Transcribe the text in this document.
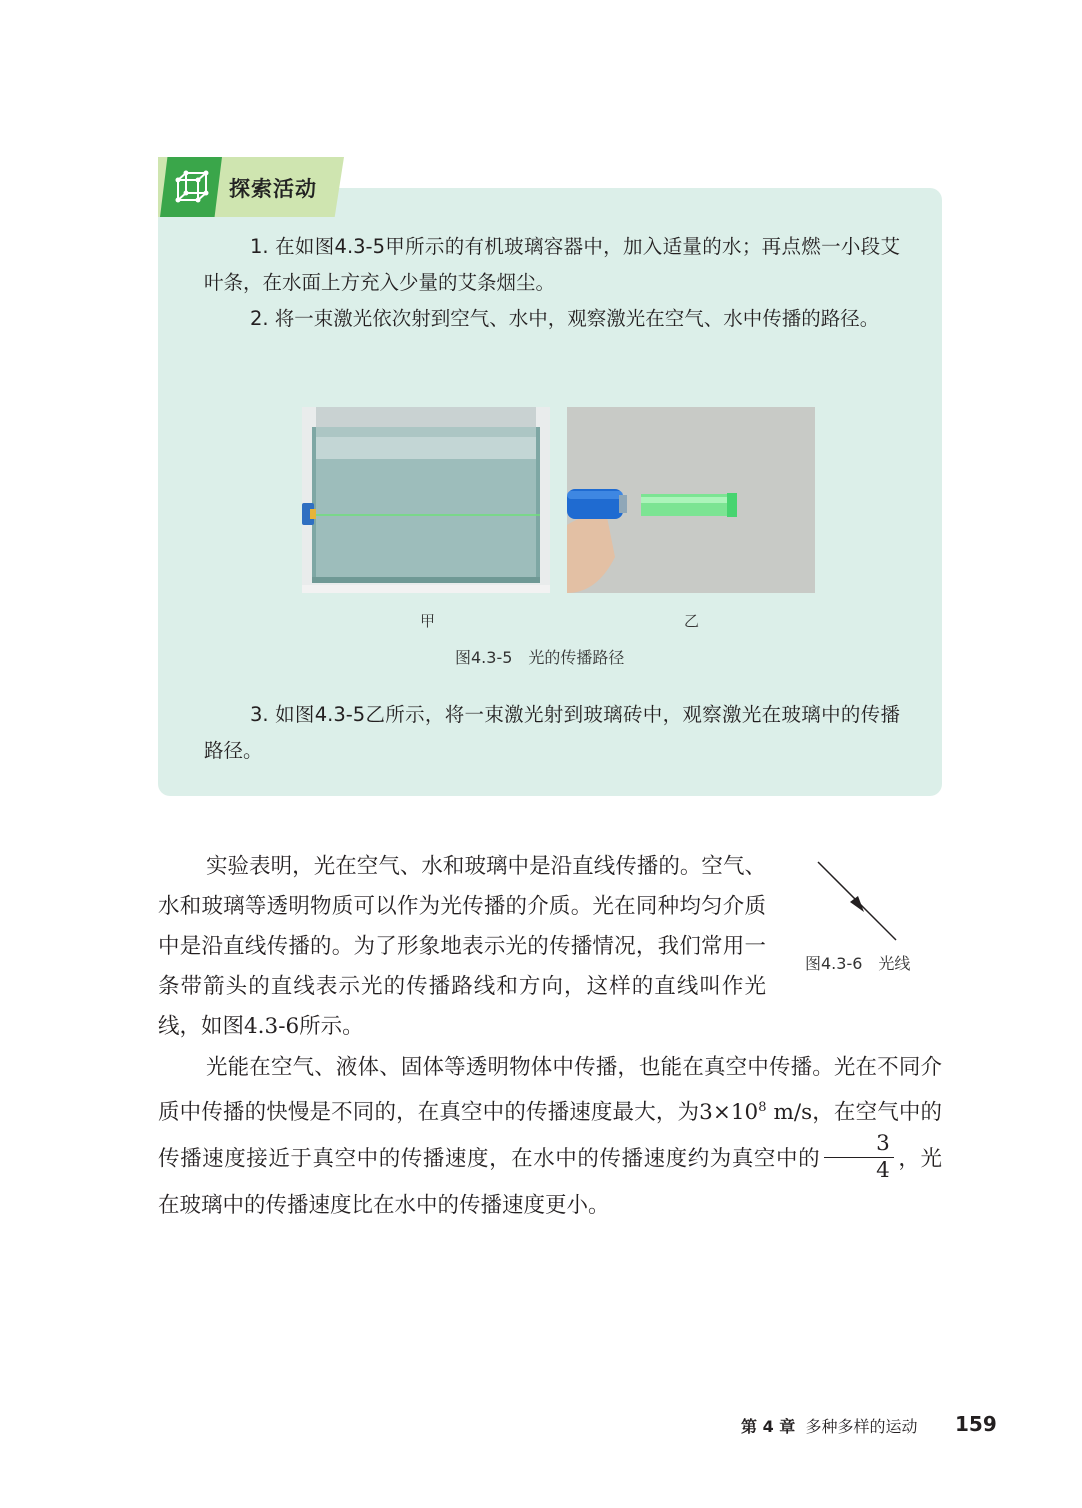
探索活动

1. 在如图4.3-5甲所示的有机玻璃容器中，加入适量的水；再点燃一小段艾叶条，在水面上方充入少量的艾条烟尘。

2. 将一束激光依次射到空气、水中，观察激光在空气、水中传播的路径。

甲	乙
图4.3-5　光的传播路径

3. 如图4.3-5乙所示，将一束激光射到玻璃砖中，观察激光在玻璃中的传播路径。

实验表明，光在空气、水和玻璃中是沿直线传播的。空气、水和玻璃等透明物质可以作为光传播的介质。光在同种均匀介质中是沿直线传播的。为了形象地表示光的传播情况，我们常用一条带箭头的直线表示光的传播路线和方向，这样的直线叫作光线，如图4.3-6所示。

图4.3-6　光线

光能在空气、液体、固体等透明物体中传播，也能在真空中传播。光在不同介质中传播的快慢是不同的，在真空中的传播速度最大，为$3\times 10^8$ m/s，在空气中的传播速度接近于真空中的传播速度，在水中的传播速度约为真空中的 $\frac{3}{4}$ ，光在玻璃中的传播速度比在水中的传播速度更小。

第 4 章 多种多样的运动 159
